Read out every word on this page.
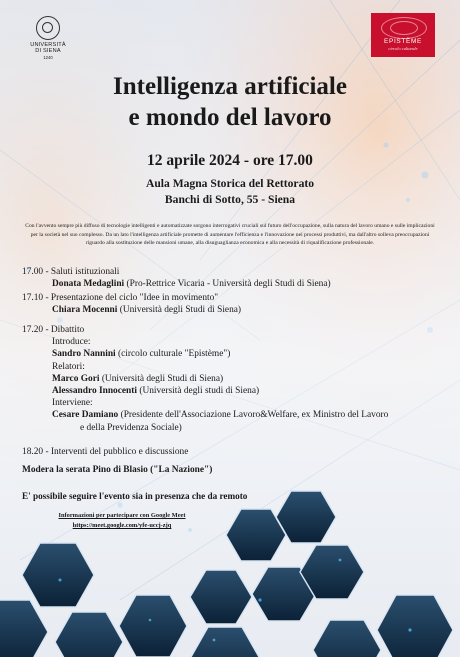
UNIVERSITÀ
DI SIENA
1240
EPISTÈME
circolo culturale
Intelligenza artificiale
e mondo del lavoro
12 aprile 2024 - ore 17.00
Aula Magna Storica del Rettorato
Banchi di Sotto, 55 - Siena
Con l'avvento sempre più diffuso di tecnologie intelligenti e automatizzate sorgono interrogativi cruciali sul futuro dell'occupazione, sulla natura del lavoro umano e sulle implicazioni per la società nel suo complesso. Da un lato l'intelligenza artificiale promette di aumentare l'efficienza e l'innovazione nei processi produttivi, ma dall'altro solleva preoccupazioni riguardo alla sostituzione delle mansioni umane, alla disuguaglianza economica e alla necessità di riqualificazione professionale.
17.00 - Saluti istituzionali
Donata Medaglini (Pro-Rettrice Vicaria - Università degli Studi di Siena)
17.10 - Presentazione del ciclo "Idee in movimento"
Chiara Mocenni (Università degli Studi di Siena)
17.20 - Dibattito
Introduce:
Sandro Nannini (circolo culturale "Epistème")
Relatori:
Marco Gori (Università degli Studi di Siena)
Alessandro Innocenti (Università degli studi di Siena)
Interviene:
Cesare Damiano (Presidente dell'Associazione Lavoro&Welfare, ex Ministro del Lavoro
e della Previdenza Sociale)
18.20 - Interventi del pubblico e discussione
Modera la serata Pino di Blasio ("La Nazione")
E' possibile seguire l'evento sia in presenza che da remoto
Informazioni per partecipare con Google Meet
https://meet.google.com/yfe-uccj-zjq
